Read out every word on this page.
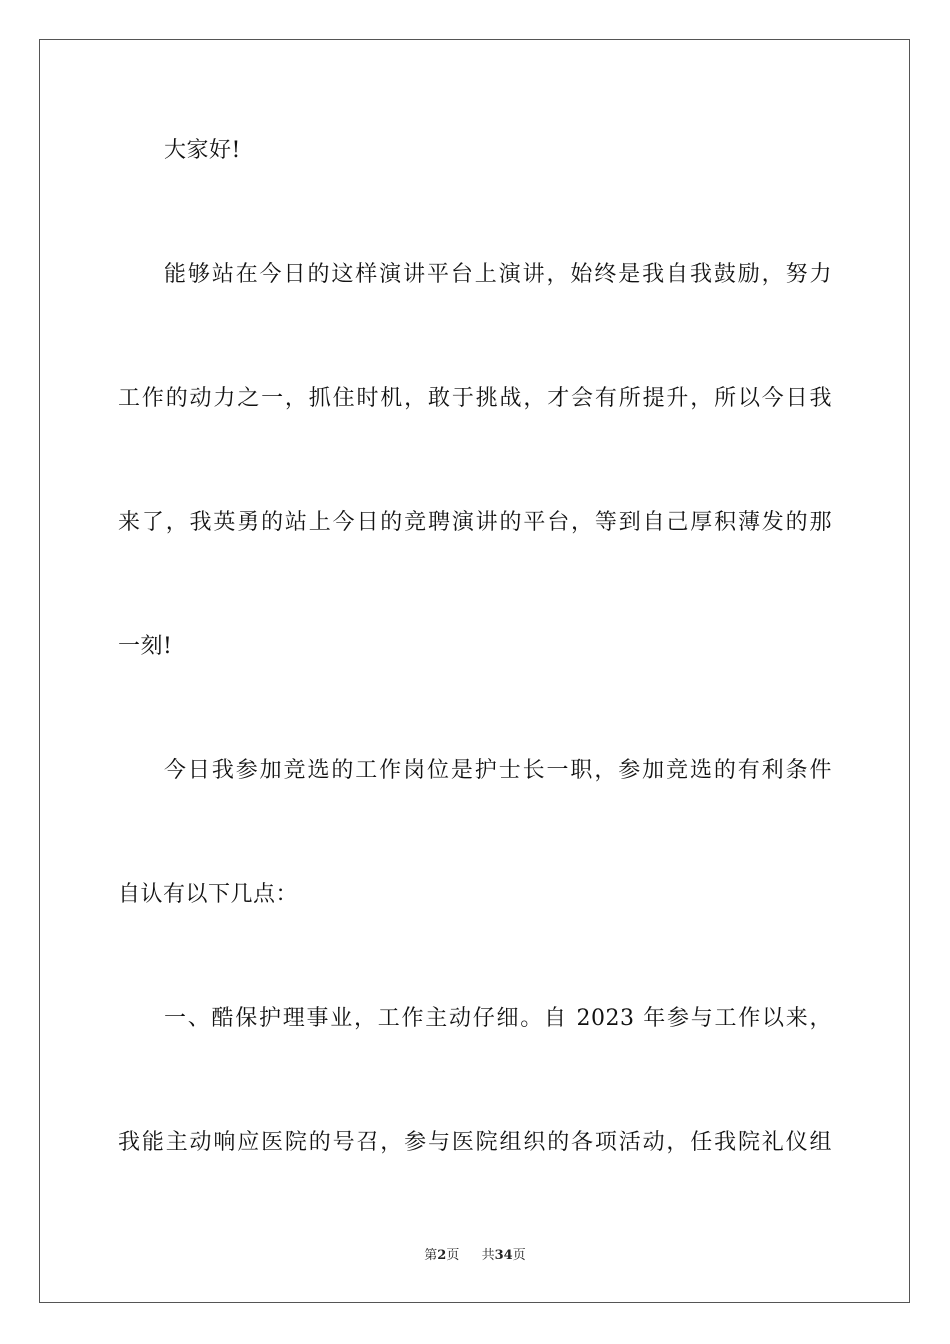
大家好!
能够站在今日的这样演讲平台上演讲，始终是我自我鼓励，努力
工作的动力之一，抓住时机，敢于挑战，才会有所提升，所以今日我
来了，我英勇的站上今日的竞聘演讲的平台，等到自己厚积薄发的那
一刻!
今日我参加竞选的工作岗位是护士长一职，参加竞选的有利条件
自认有以下几点：
一、酷保护理事业，工作主动仔细。自 2023 年参与工作以来，
我能主动响应医院的号召，参与医院组织的各项活动，任我院礼仪组
第2页 共34页
